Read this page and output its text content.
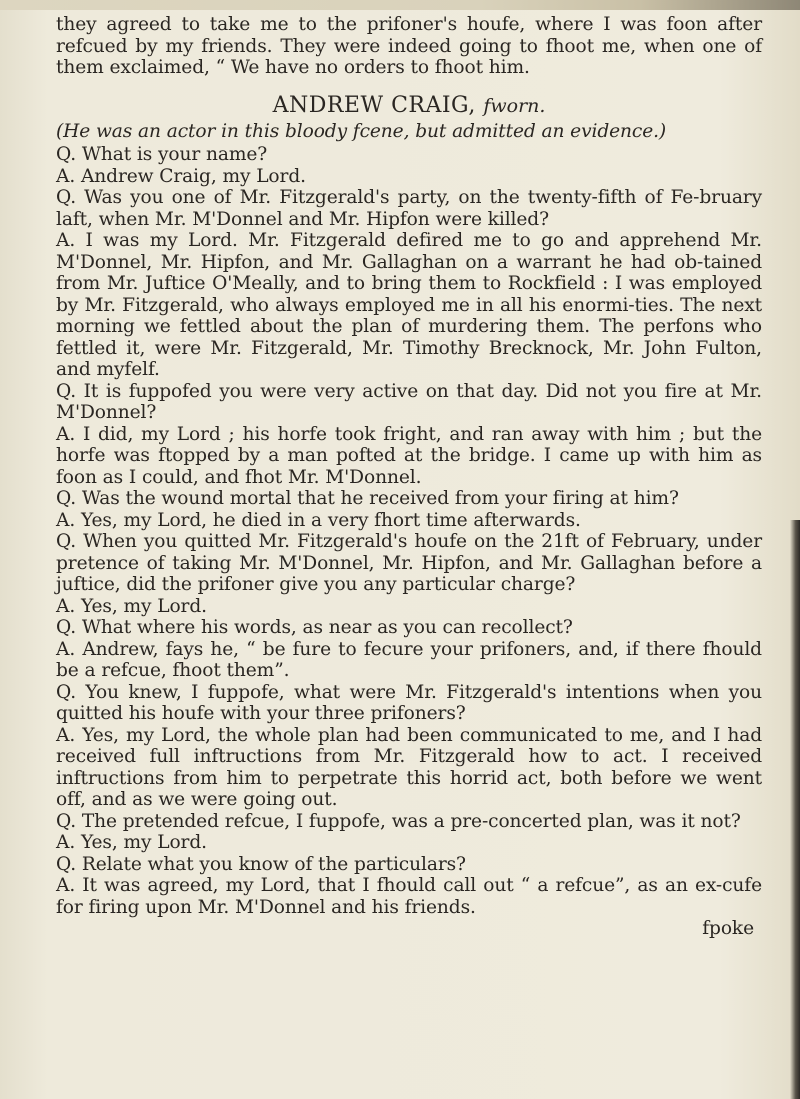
they agreed to take me to the prifoner's houfe, where I was foon after refcued by my friends. They were indeed going to fhoot me, when one of them exclaimed, “ We have no orders to fhoot him.

ANDREW CRAIG, fworn.

(He was an actor in this bloody fcene, but admitted an evidence.)

Q. What is your name?

A. Andrew Craig, my Lord.

Q. Was you one of Mr. Fitzgerald's party, on the twenty-fifth of Fe-bruary laft, when Mr. M'Donnel and Mr. Hipfon were killed?

A. I was my Lord. Mr. Fitzgerald defired me to go and apprehend Mr. M'Donnel, Mr. Hipfon, and Mr. Gallaghan on a warrant he had ob-tained from Mr. Juftice O'Meally, and to bring them to Rockfield : I was employed by Mr. Fitzgerald, who always employed me in all his enormi-ties. The next morning we fettled about the plan of murdering them. The perfons who fettled it, were Mr. Fitzgerald, Mr. Timothy Brecknock, Mr. John Fulton, and myfelf.

Q. It is fuppofed you were very active on that day. Did not you fire at Mr. M'Donnel?

A. I did, my Lord ; his horfe took fright, and ran away with him ; but the horfe was ftopped by a man pofted at the bridge. I came up with him as foon as I could, and fhot Mr. M'Donnel.

Q. Was the wound mortal that he received from your firing at him?

A. Yes, my Lord, he died in a very fhort time afterwards.

Q. When you quitted Mr. Fitzgerald's houfe on the 21ft of February, under pretence of taking Mr. M'Donnel, Mr. Hipfon, and Mr. Gallaghan before a juftice, did the prifoner give you any particular charge?

A. Yes, my Lord.

Q. What where his words, as near as you can recollect?

A. Andrew, fays he, “ be fure to fecure your prifoners, and, if there fhould be a refcue, fhoot them”.

Q. You knew, I fuppofe, what were Mr. Fitzgerald's intentions when you quitted his houfe with your three prifoners?

A. Yes, my Lord, the whole plan had been communicated to me, and I had received full inftructions from Mr. Fitzgerald how to act. I received inftructions from him to perpetrate this horrid act, both before we went off, and as we were going out.

Q. The pretended refcue, I fuppofe, was a pre-concerted plan, was it not?

A. Yes, my Lord.

Q. Relate what you know of the particulars?

A. It was agreed, my Lord, that I fhould call out “ a refcue”, as an ex-cufe for firing upon Mr. M'Donnel and his friends.

fpoke
